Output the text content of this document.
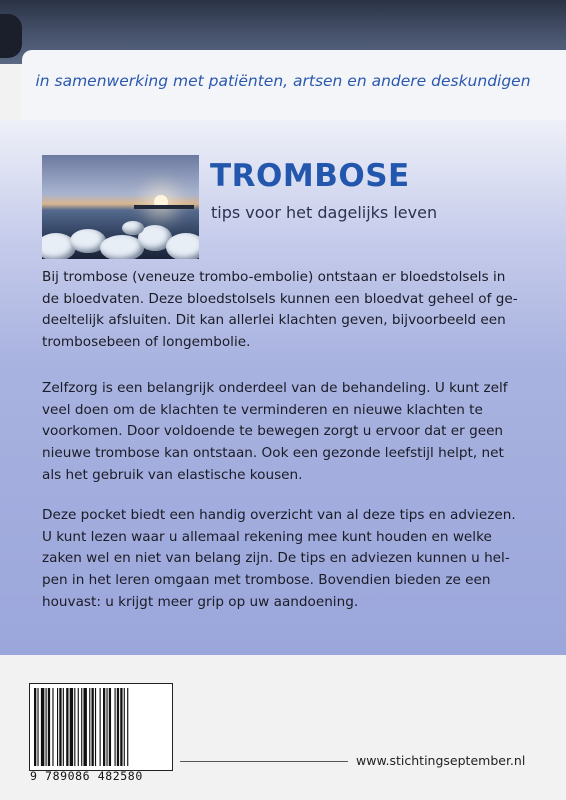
in samenwerking met patiënten, artsen en andere deskundigen
TROMBOSE
tips voor het dagelijks leven
Bij trombose (veneuze trombo-embolie) ontstaan er bloedstolsels in
de bloedvaten. Deze bloedstolsels kunnen een bloedvat geheel of ge-
deeltelijk afsluiten. Dit kan allerlei klachten geven, bijvoorbeeld een
trombosebeen of longembolie.
Zelfzorg is een belangrijk onderdeel van de behandeling. U kunt zelf
veel doen om de klachten te verminderen en nieuwe klachten te
voorkomen. Door voldoende te bewegen zorgt u ervoor dat er geen
nieuwe trombose kan ontstaan. Ook een gezonde leefstijl helpt, net
als het gebruik van elastische kousen.
Deze pocket biedt een handig overzicht van al deze tips en adviezen.
U kunt lezen waar u allemaal rekening mee kunt houden en welke
zaken wel en niet van belang zijn. De tips en adviezen kunnen u hel-
pen in het leren omgaan met trombose. Bovendien bieden ze een
houvast: u krijgt meer grip op uw aandoening.
9 789086 482580
www.stichtingseptember.nl
